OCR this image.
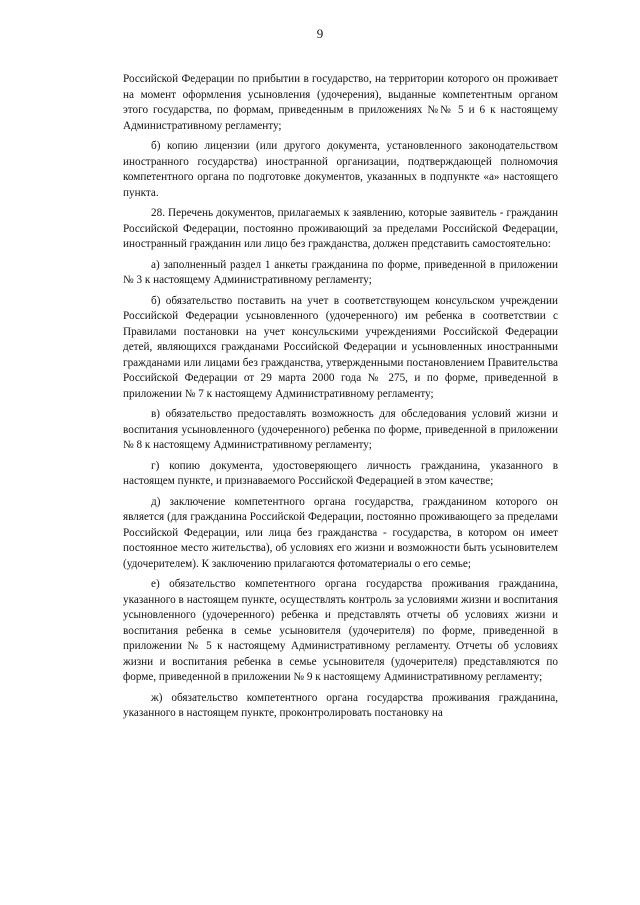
9

Российской Федерации по прибытии в государство, на территории которого он проживает на момент оформления усыновления (удочерения), выданные компетентным органом этого государства, по формам, приведенным в приложениях №№ 5 и 6 к настоящему Административному регламенту;

б) копию лицензии (или другого документа, установленного законодательством иностранного государства) иностранной организации, подтверждающей полномочия компетентного органа по подготовке документов, указанных в подпункте «а» настоящего пункта.

28. Перечень документов, прилагаемых к заявлению, которые заявитель - гражданин Российской Федерации, постоянно проживающий за пределами Российской Федерации, иностранный гражданин или лицо без гражданства, должен представить самостоятельно:

а) заполненный раздел 1 анкеты гражданина по форме, приведенной в приложении № 3 к настоящему Административному регламенту;

б) обязательство поставить на учет в соответствующем консульском учреждении Российской Федерации усыновленного (удочеренного) им ребенка в соответствии с Правилами постановки на учет консульскими учреждениями Российской Федерации детей, являющихся гражданами Российской Федерации и усыновленных иностранными гражданами или лицами без гражданства, утвержденными постановлением Правительства Российской Федерации от 29 марта 2000 года № 275, и по форме, приведенной в приложении № 7 к настоящему Административному регламенту;

в) обязательство предоставлять возможность для обследования условий жизни и воспитания усыновленного (удочеренного) ребенка по форме, приведенной в приложении № 8 к настоящему Административному регламенту;

г) копию документа, удостоверяющего личность гражданина, указанного в настоящем пункте, и признаваемого Российской Федерацией в этом качестве;

д) заключение компетентного органа государства, гражданином которого он является (для гражданина Российской Федерации, постоянно проживающего за пределами Российской Федерации, или лица без гражданства - государства, в котором он имеет постоянное место жительства), об условиях его жизни и возможности быть усыновителем (удочерителем). К заключению прилагаются фотоматериалы о его семье;

е) обязательство компетентного органа государства проживания гражданина, указанного в настоящем пункте, осуществлять контроль за условиями жизни и воспитания усыновленного (удочеренного) ребенка и представлять отчеты об условиях жизни и воспитания ребенка в семье усыновителя (удочерителя) по форме, приведенной в приложении № 5 к настоящему Административному регламенту. Отчеты об условиях жизни и воспитания ребенка в семье усыновителя (удочерителя) представляются по форме, приведенной в приложении № 9 к настоящему Административному регламенту;

ж) обязательство компетентного органа государства проживания гражданина, указанного в настоящем пункте, проконтролировать постановку на
